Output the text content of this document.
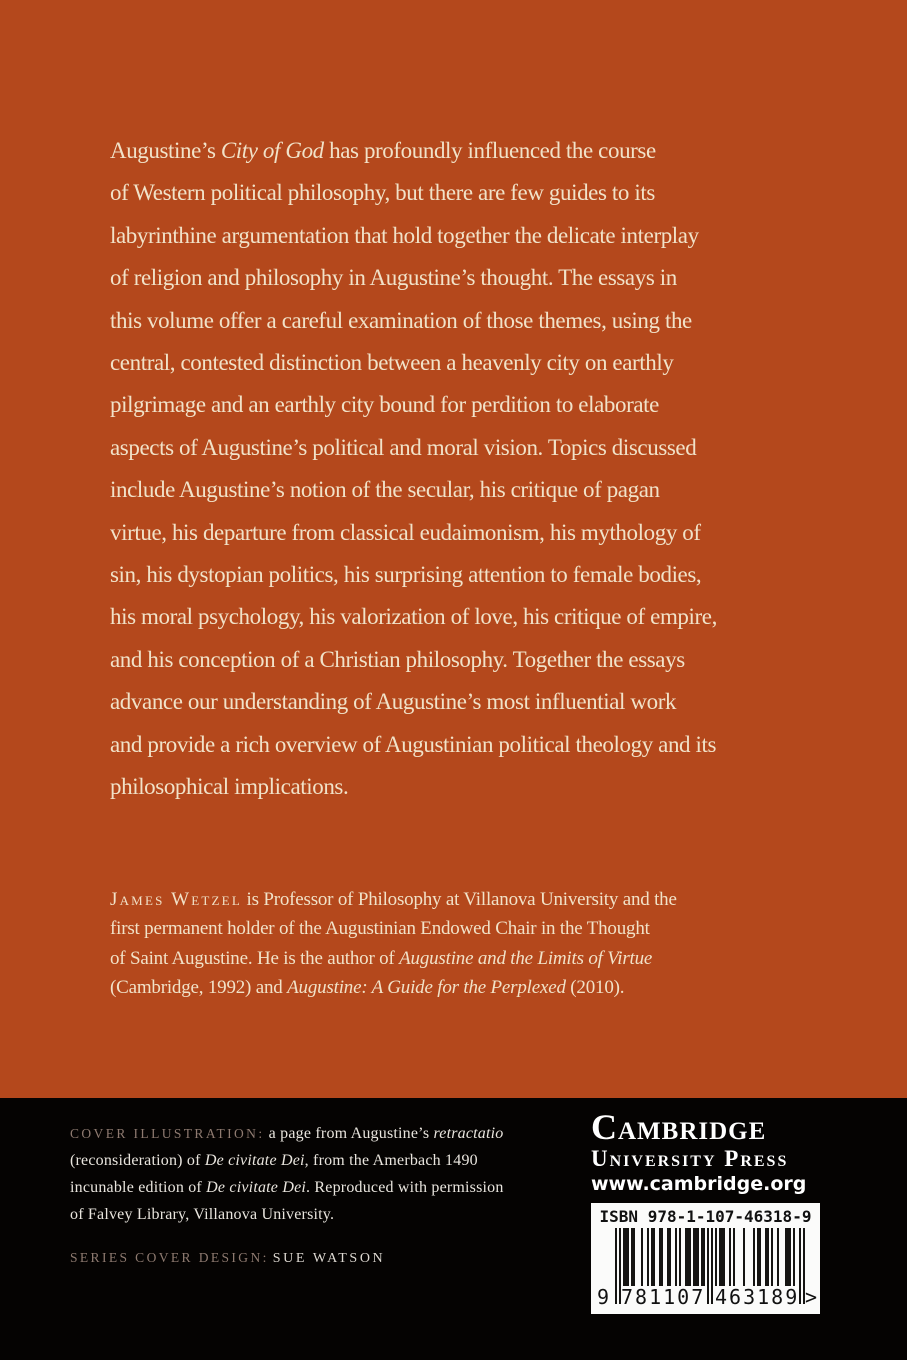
Augustine’s City of God has profoundly influenced the course
of Western political philosophy, but there are few guides to its
labyrinthine argumentation that hold together the delicate interplay
of religion and philosophy in Augustine’s thought. The essays in
this volume offer a careful examination of those themes, using the
central, contested distinction between a heavenly city on earthly
pilgrimage and an earthly city bound for perdition to elaborate
aspects of Augustine’s political and moral vision. Topics discussed
include Augustine’s notion of the secular, his critique of pagan
virtue, his departure from classical eudaimonism, his mythology of
sin, his dystopian politics, his surprising attention to female bodies,
his moral psychology, his valorization of love, his critique of empire,
and his conception of a Christian philosophy. Together the essays
advance our understanding of Augustine’s most influential work
and provide a rich overview of Augustinian political theology and its
philosophical implications.
James Wetzel is Professor of Philosophy at Villanova University and the
first permanent holder of the Augustinian Endowed Chair in the Thought
of Saint Augustine. He is the author of Augustine and the Limits of Virtue
(Cambridge, 1992) and Augustine: A Guide for the Perplexed (2010).
COVER ILLUSTRATION: a page from Augustine’s retractatio
(reconsideration) of De civitate Dei, from the Amerbach 1490
incunable edition of De civitate Dei. Reproduced with permission
of Falvey Library, Villanova University.
SERIES COVER DESIGN: SUE WATSON
Cambridge
University Press
www.cambridge.org
ISBN 978-1-107-46318-9
9 781107 463189 >
